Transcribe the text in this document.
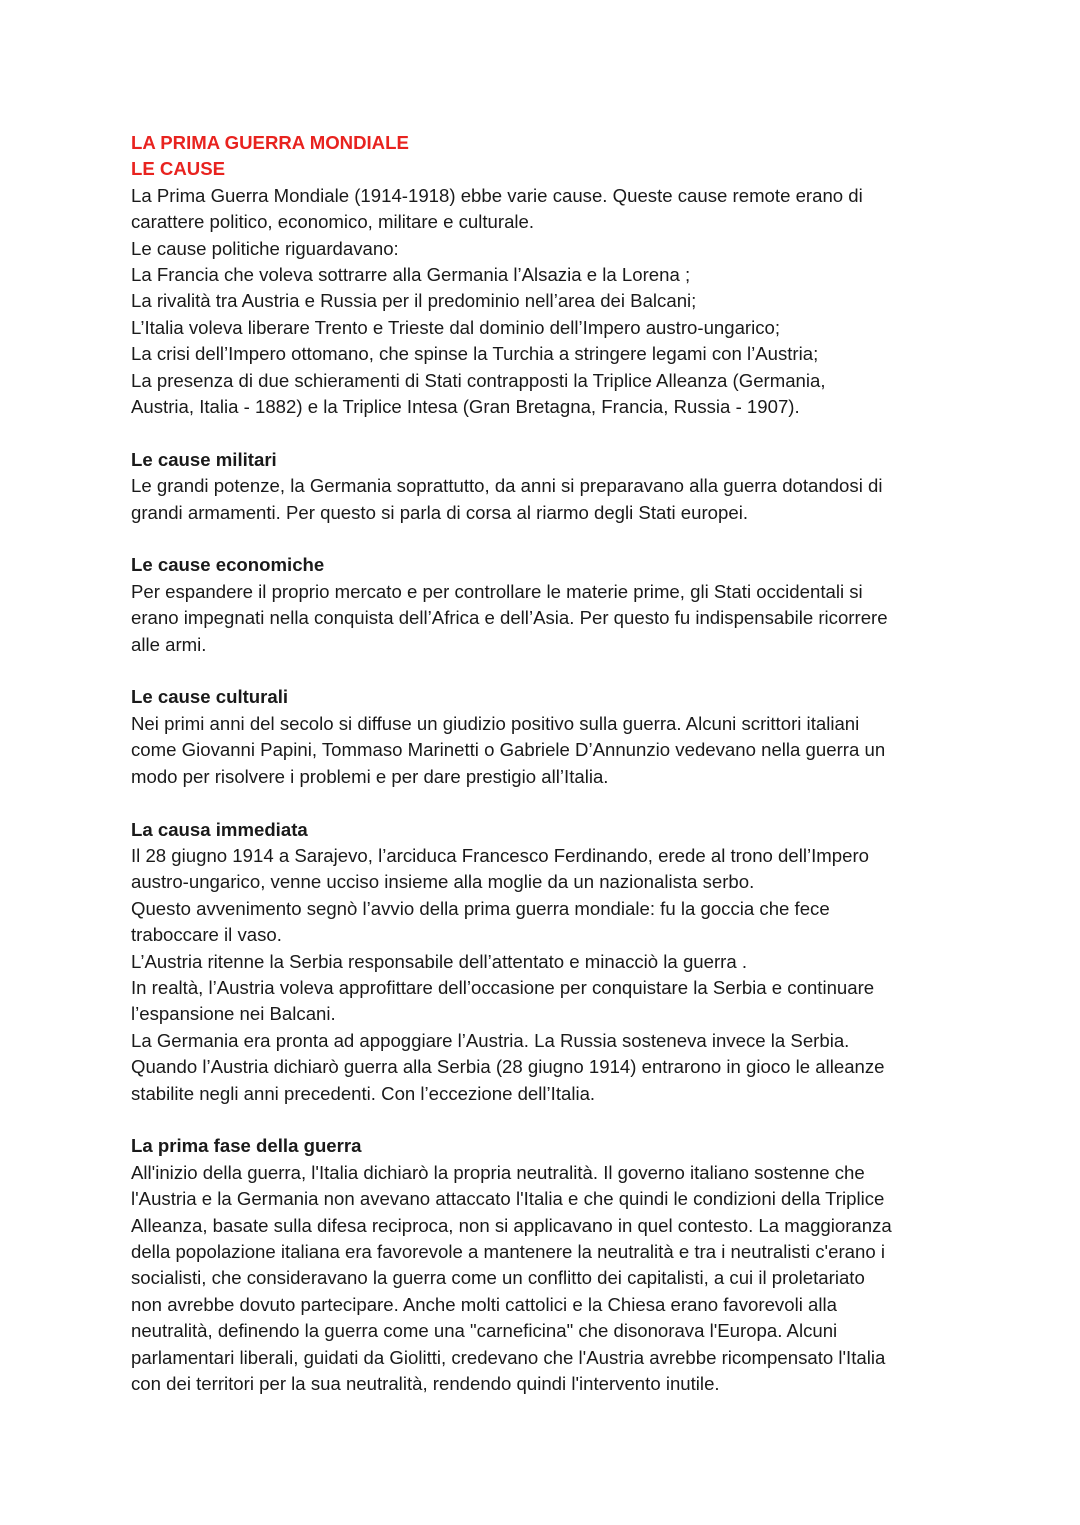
LA PRIMA GUERRA MONDIALE

LE CAUSE

La Prima Guerra Mondiale (1914-1918) ebbe varie cause. Queste cause remote erano di

carattere politico, economico, militare e culturale.

Le cause politiche riguardavano:

La Francia che voleva sottrarre alla Germania l’Alsazia e la Lorena ;

La rivalità tra Austria e Russia per il predominio nell’area dei Balcani;

L’Italia voleva liberare Trento e Trieste dal dominio dell’Impero austro-ungarico;

La crisi dell’Impero ottomano, che spinse la Turchia a stringere legami con l’Austria;

La presenza di due schieramenti di Stati contrapposti la Triplice Alleanza (Germania,

Austria, Italia - 1882) e la Triplice Intesa (Gran Bretagna, Francia, Russia - 1907).

Le cause militari

Le grandi potenze, la Germania soprattutto, da anni si preparavano alla guerra dotandosi di

grandi armamenti. Per questo si parla di corsa al riarmo degli Stati europei.

Le cause economiche

Per espandere il proprio mercato e per controllare le materie prime, gli Stati occidentali si

erano impegnati nella conquista dell’Africa e dell’Asia. Per questo fu indispensabile ricorrere

alle armi.

Le cause culturali

Nei primi anni del secolo si diffuse un giudizio positivo sulla guerra. Alcuni scrittori italiani

come Giovanni Papini, Tommaso Marinetti o Gabriele D’Annunzio vedevano nella guerra un

modo per risolvere i problemi e per dare prestigio all’Italia.

La causa immediata

Il 28 giugno 1914 a Sarajevo, l’arciduca Francesco Ferdinando, erede al trono dell’Impero

austro-ungarico, venne ucciso insieme alla moglie da un nazionalista serbo.

Questo avvenimento segnò l’avvio della prima guerra mondiale: fu la goccia che fece

traboccare il vaso.

L’Austria ritenne la Serbia responsabile dell’attentato e minacciò la guerra .

In realtà, l’Austria voleva approfittare dell’occasione per conquistare la Serbia e continuare

l’espansione nei Balcani.

La Germania era pronta ad appoggiare l’Austria. La Russia sosteneva invece la Serbia.

Quando l’Austria dichiarò guerra alla Serbia (28 giugno 1914) entrarono in gioco le alleanze

stabilite negli anni precedenti. Con l’eccezione dell’Italia.

La prima fase della guerra

All'inizio della guerra, l'Italia dichiarò la propria neutralità. Il governo italiano sostenne che

l'Austria e la Germania non avevano attaccato l'Italia e che quindi le condizioni della Triplice

Alleanza, basate sulla difesa reciproca, non si applicavano in quel contesto. La maggioranza

della popolazione italiana era favorevole a mantenere la neutralità e tra i neutralisti c'erano i

socialisti, che consideravano la guerra come un conflitto dei capitalisti, a cui il proletariato

non avrebbe dovuto partecipare. Anche molti cattolici e la Chiesa erano favorevoli alla

neutralità, definendo la guerra come una "carneficina" che disonorava l'Europa. Alcuni

parlamentari liberali, guidati da Giolitti, credevano che l'Austria avrebbe ricompensato l'Italia

con dei territori per la sua neutralità, rendendo quindi l'intervento inutile.
